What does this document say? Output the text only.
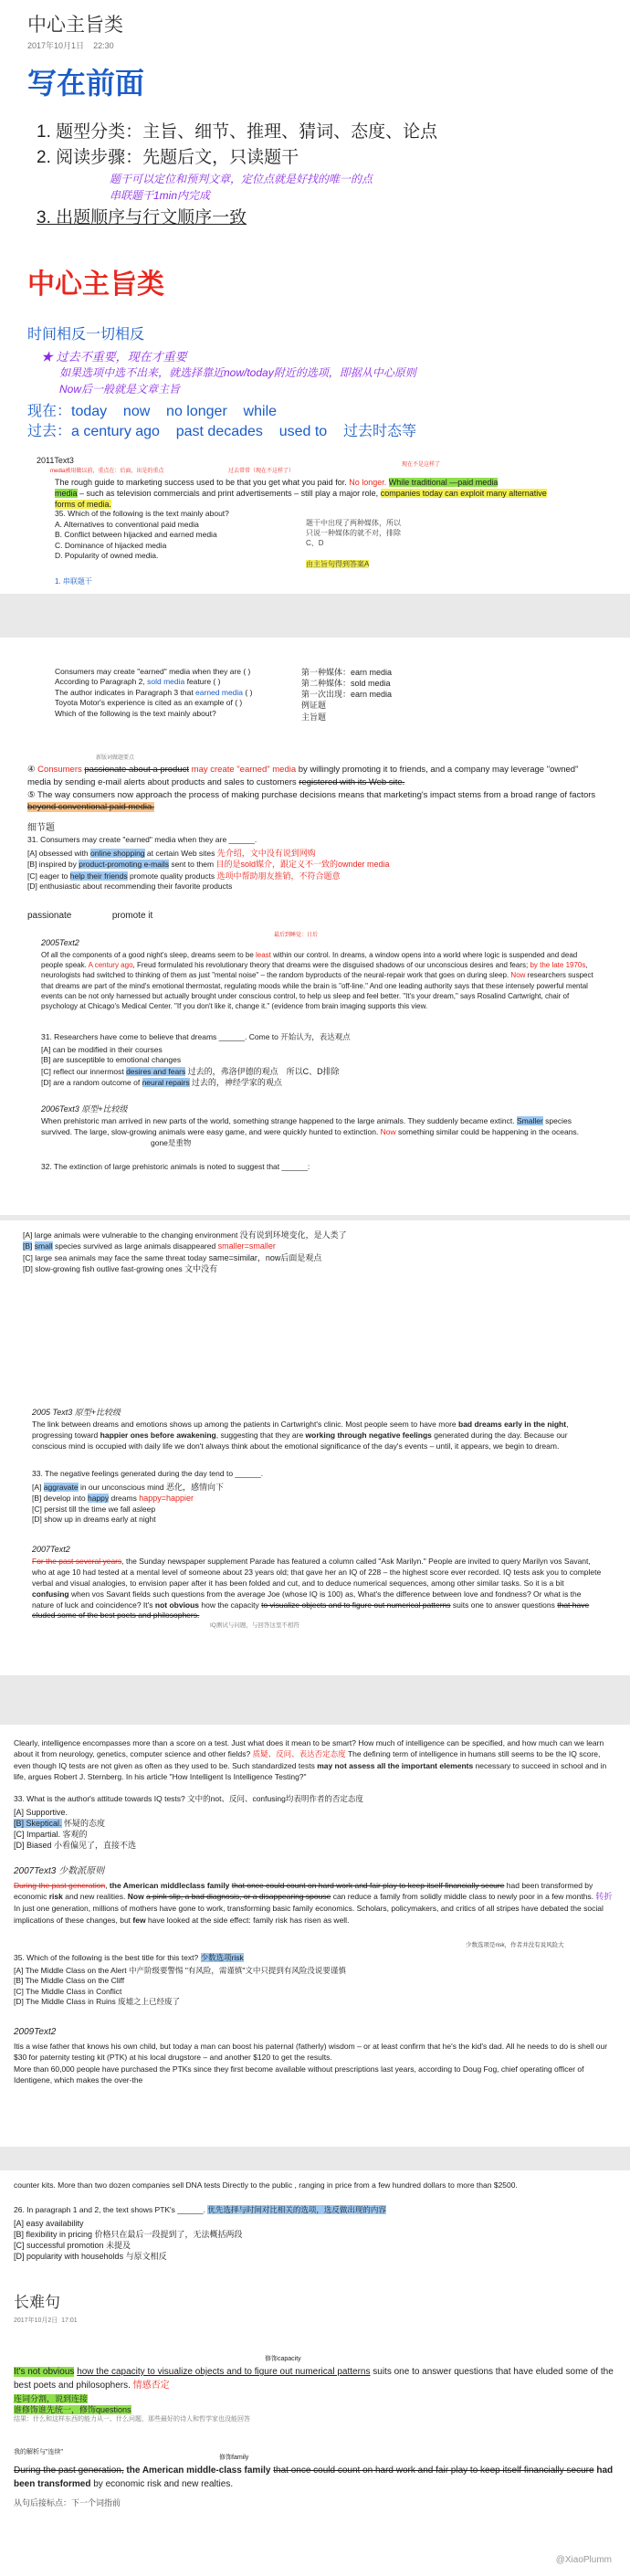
中心主旨类
2017年10月1日 22:30
写在前面
1. 题型分类：主旨、细节、推理、猜词、态度、论点
2. 阅读步骤：先题后文，只读题干
题干可以定位和预判文章，定位点就是好找的唯一的点
串联题干1min内完成
3. 出题顺序与行文顺序一致
中心主旨类
时间相反一切相反
★ 过去不重要，现在才重要
如果选项中选不出来，就选择靠近now/today附近的选项，即据从中心原则
Now后一般就是文章主旨
现在：today    now    no longer    while
过去：a century ago    past decades    used to    过去时态等
2011Text3
media被用做以前，重点在：后面，出是的重点	过去常常（现在不这样了）
现在不是这样了
The rough guide to marketing success used to be that you get what you paid for. No longer. While traditional —paid media
media – such as television commercials and print advertisements – still play a major role, companies today can exploit many alternative forms of media.
35. Which of the following is the text mainly about?
A. Alternatives to conventional paid media
B. Conflict between hijacked and earned media
C. Dominance of hijacked media
D. Popularity of owned media.
题干中出现了两种媒体，所以只说一种媒体的就不对，排除C、D
由主旨句得到答案A
1. 串联题干
Consumers may create "earned" media when they are ( )
According to Paragraph 2, sold media feature ( )
The author indicates in Paragraph 3 that earned media ( )
Toyota Motor's experience is cited as an example of ( )
Which of the following is the text mainly about?
第一种媒体：earn media
第二种媒体：sold media
第一次出现：earn media
例证题
主旨题
新版词做题要点
④ Consumers passionate about a product may create "earned" media by willingly promoting it to friends, and a company may leverage "owned" media by sending e-mail alerts about products and sales to customers registered with its Web site.
⑤ The way consumers now approach the process of making purchase decisions means that marketing's impact stems from a broad range of factors beyond conventional paid media.
细节题
31. Consumers may create "earned" media when they are ______.
[A] obsessed with online shopping at certain Web sites 先介绍，文中没有说到网购
[B] inspired by product-promoting e-mails sent to them 目的是sold媒介，跟定义不一致的ownder media
[C] eager to help their friends promote quality products 选项中帮助朋友推销，不符合题意
[D] enthusiastic about recommending their favorite products
passionate	promote it
2005Text2
最后到睡觉：日后
Of all the components of a good night's sleep, dreams seem to be least within our control. In dreams, a window opens into a world where logic is suspended and dead people speak. A century ago, Freud formulated his revolutionary theory that dreams were the disguised shadows of our unconscious desires and fears; by the late 1970s, neurologists had switched to thinking of them as just "mental noise" – the random byproducts of the neural-repair work that goes on during sleep. Now researchers suspect that dreams are part of the mind's emotional thermostat, regulating moods while the brain is "off-line." And one leading authority says that these intensely powerful mental events can be not only harnessed but actually brought under conscious control, to help us sleep and feel better. "It's your dream," says Rosalind Cartwright, chair of psychology at Chicago's Medical Center. "If you don't like it, change it." (evidence from brain imaging supports this view.
31. Researchers have come to believe that dreams ______. Come to 开始认为，表达观点
[A] can be modified in their courses
[B] are susceptible to emotional changes
[C] reflect our innermost desires and fears 过去的，弗洛伊德的观点　所以C、D排除
[D] are a random outcome of neural repairs 过去的，神经学家的观点
2006Text3 原型+比较级
When prehistoric man arrived in new parts of the world, something strange happened to the large animals. They suddenly became extinct. Smaller species survived. The large, slow-growing animals were easy game, and were quickly hunted to extinction. Now something similar could be happening in the oceans. gone是重物
32. The extinction of large prehistoric animals is noted to suggest that ______:
[A] large animals were vulnerable to the changing environment 没有说到环境变化，是人类了
[B] small species survived as large animals disappeared smaller=smaller
[C] large sea animals may face the same threat today same=similar，now后面是观点
[D] slow-growing fish outlive fast-growing ones 文中没有
2005 Text3 原型+比较级
The link between dreams and emotions shows up among the patients in Cartwright's clinic. Most people seem to have more bad dreams early in the night, progressing toward happier ones before awakening, suggesting that they are working through negative feelings generated during the day. Because our conscious mind is occupied with daily life we don't always think about the emotional significance of the day's events – until, it appears, we begin to dream.
33. The negative feelings generated during the day tend to ______.
[A] aggravate in our unconscious mind 恶化，感情向下
[B] develop into happy dreams happy=happier
[C] persist till the time we fall asleep
[D] show up in dreams early at night
2007Text2
For the past several years, the Sunday newspaper supplement Parade has featured a column called "Ask Marilyn." People are invited to query Marilyn vos Savant, who at age 10 had tested at a mental level of someone about 23 years old; that gave her an IQ of 228 – the highest score ever recorded. IQ tests ask you to complete verbal and visual analogies, to envision paper after it has been folded and cut, and to deduce numerical sequences, among other similar tasks. So it is a bit confusing when vos Savant fields such questions from the average Joe (whose IQ is 100) as, What's the difference between love and fondness? Or what is the nature of luck and coincidence? It's not obvious how the capacity to visualize objects and to figure out numerical patterns suits one to answer questions that have eluded some of the best poets and philosophers.
IQ测试与问题，与回答这里不相符
Clearly, intelligence encompasses more than a score on a test. Just what does it mean to be smart? How much of intelligence can be specified, and how much can we learn about it from neurology, genetics, computer science and other fields? 质疑、反问、表达否定态度 The defining term of intelligence in humans still seems to be the IQ score, even though IQ tests are not given as often as they used to be. Such standardized tests may not assess all the important elements necessary to succeed in school and in life, argues Robert J. Sternberg. In his article "How Intelligent Is Intelligence Testing?"
33. What is the author's attitude towards IQ tests? 文中的not、反问、confusing均表明作者的否定态度
[A] Supportive.
[B] Skeptical. 怀疑的态度
[C] Impartial. 客观的
[D] Biased 小看偏见了，直接不选
2007Text3 少数派原则
During the past generation, the American middleclass family that once could count on hard work and fair play to keep itself financially secure had been transformed by economic risk and new realities. Now a pink slip, a bad diagnosis, or a disappearing spouse can reduce a family from solidly middle class to newly poor in a few months. 转折 In just one generation, millions of mothers have gone to work, transforming basic family economics. Scholars, policymakers, and critics of all stripes have debated the social implications of these changes, but few have looked at the side effect: family risk has risen as well.
少数选项是risk，作者并没有说风险大
35. Which of the following is the best title for this text? 少数选项risk
[A] The Middle Class on the Alert 中产阶级要警惕 "有风险，需谨慎"文中只提到有风险没说要谨慎
[B] The Middle Class on the Cliff
[C] The Middle Class in Conflict
[D] The Middle Class in Ruins 废墟之上已经废了
2009Text2
Itis a wise father that knows his own child, but today a man can boost his paternal (fatherly) wisdom – or at least confirm that he's the kid's dad. All he needs to do is shell our $30 for paternity testing kit (PTK) at his local drugstore – and another $120 to get the results.
More than 60,000 people have purchased the PTKs since they first become available without prescriptions last years, according to Doug Fog, chief operating officer of Identigene, which makes the over-the
counter kits. More than two dozen companies sell DNA tests Directly to the public , ranging in price from a few hundred dollars to more than $2500.
26. In paragraph 1 and 2, the text shows PTK's ______. 优先选择与时间对比相关的选项，选反做出现的内容
[A] easy availability
[B] flexibility in pricing 价格只在最后一段提到了，无法概括两段
[C] successful promotion 未提及
[D] popularity with households 与原文相反
长难句
2017年10月2日 17:01
修饰capacity
It's not obvious how the capacity to visualize objects and to figure out numerical patterns suits one to answer questions that have eluded some of the best poets and philosophers. 情感否定
连词分割，说到连接
谁修饰谁先统一，修饰questions
结果：什么和这样东西的能力从一、什么问题，那些最好的诗人和哲学家也没能回答
我的解析与"连续"
修饰family
During the past generation, the American middle-class family that once could count on hard work and fair play to keep itself financially secure had been transformed by economic risk and new realties.
从句后接标点：下一个词指前
@XiaoPlumm
